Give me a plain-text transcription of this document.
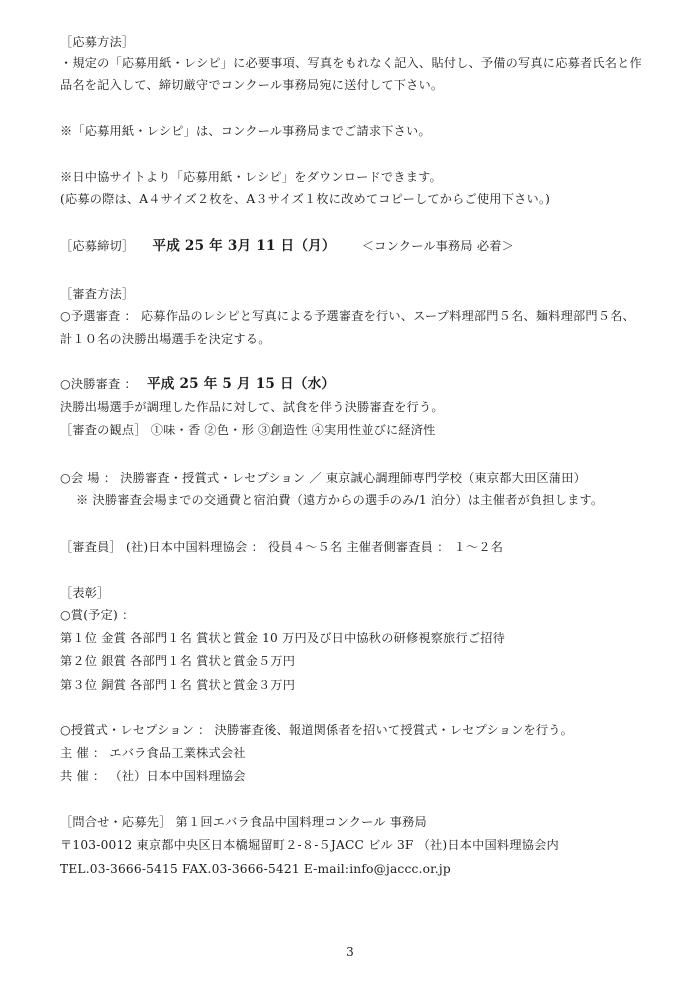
［応募方法］
・規定の「応募用紙・レシピ」に必要事項、写真をもれなく記入、貼付し、予備の写真に応募者氏名と作
品名を記入して、締切厳守でコンクール事務局宛に送付して下さい。
※「応募用紙・レシピ」は、コンクール事務局までご請求下さい。
※日中協サイトより「応募用紙・レシピ」をダウンロードできます。
(応募の際は、A４サイズ２枚を、A３サイズ１枚に改めてコピーしてからご使用下さい。)
［応募締切］ 平成 25 年 3月 11 日（月） ＜コンクール事務局 必着＞
［審査方法］
○予選審査 ： 応募作品のレシピと写真による予選審査を行い、スープ料理部門５名、麺料理部門５名、
計１０名の決勝出場選手を決定する。
○決勝審査 ： 平成 25 年 5 月 15 日（水）
決勝出場選手が調理した作品に対して、試食を伴う決勝審査を行う。
［審査の観点］ ①味・香 ②色・形 ③創造性 ④実用性並びに経済性
○会 場 ： 決勝審査・授賞式・レセプション ／ 東京誠心調理師専門学校（東京都大田区蒲田）
※ 決勝審査会場までの交通費と宿泊費（遠方からの選手のみ/1 泊分）は主催者が負担します。
［審査員］ (社)日本中国料理協会 ： 役員４～５名 主催者側審査員 ： １～２名
［表彰］
○賞(予定) ：
第１位 金賞 各部門１名 賞状と賞金 10 万円及び日中協秋の研修視察旅行ご招待
第２位 銀賞 各部門１名 賞状と賞金５万円
第３位 銅賞 各部門１名 賞状と賞金３万円
○授賞式・レセプション ： 決勝審査後、報道関係者を招いて授賞式・レセプションを行う。
主 催 ： エバラ食品工業株式会社
共 催 ： （社）日本中国料理協会
［問合せ・応募先］ 第１回エバラ食品中国料理コンクール 事務局
〒103-0012 東京都中央区日本橋堀留町２-８-５JACC ビル 3F （社)日本中国料理協会内
TEL.03-3666-5415 FAX.03-3666-5421 E-mail:info@jaccc.or.jp
3
